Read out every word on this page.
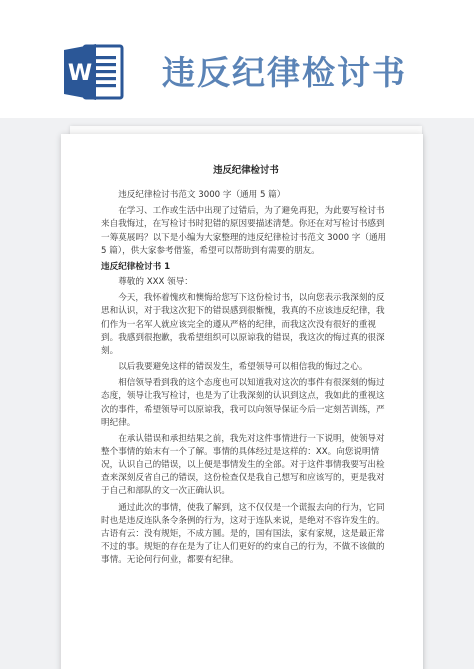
W 违反纪律检讨书
违反纪律检讨书
违反纪律检讨书范文 3000 字（通用 5 篇）
在学习、工作或生活中出现了过错后，为了避免再犯，为此要写检讨书来自我悔过，在写检讨书时犯错的原因要描述清楚。你还在对写检讨书感到一筹莫展吗？以下是小编为大家整理的违反纪律检讨书范文 3000 字（通用 5 篇），供大家参考借鉴，希望可以帮助到有需要的朋友。
违反纪律检讨书 1
尊敬的 XXX 领导：
今天，我怀着愧疚和懊悔给您写下这份检讨书，以向您表示我深刻的反思和认识，对于我这次犯下的错误感到很惭愧，我真的不应该违反纪律，我们作为一名军人就应该完全的遵从严格的纪律，而我这次没有很好的重视到。我感到很抱歉，我希望组织可以原谅我的错误，我这次的悔过真的很深刻。
以后我要避免这样的错误发生，希望领导可以相信我的悔过之心。
相信领导看到我的这个态度也可以知道我对这次的事件有很深刻的悔过态度，领导让我写检讨，也是为了让我深刻的认识到这点，我如此的重视这次的事件，希望领导可以原谅我，我可以向领导保证今后一定刻苦训练，严明纪律。
在承认错误和承担结果之前，我先对这件事情进行一下说明，使领导对整个事情的始末有一个了解。事情的具体经过是这样的：XX。向您说明情况，认识自己的错误，以上便是事情发生的全部。对于这件事情我要写出检查来深刻反省自己的错误，这份检查仅是我自己想写和应该写的，更是我对于自己和部队的文一次正确认识。
通过此次的事情，使我了解到，这不仅仅是一个谎报去向的行为，它同时也是违反连队条令条例的行为，这对于连队来说，是绝对不容许发生的。古语有云：没有规矩，不成方圆。是的，国有国法，家有家规，这是最正常不过的事。规矩的存在是为了让人们更好的约束自己的行为，不做不该做的事情。无论何行何业，都要有纪律。
